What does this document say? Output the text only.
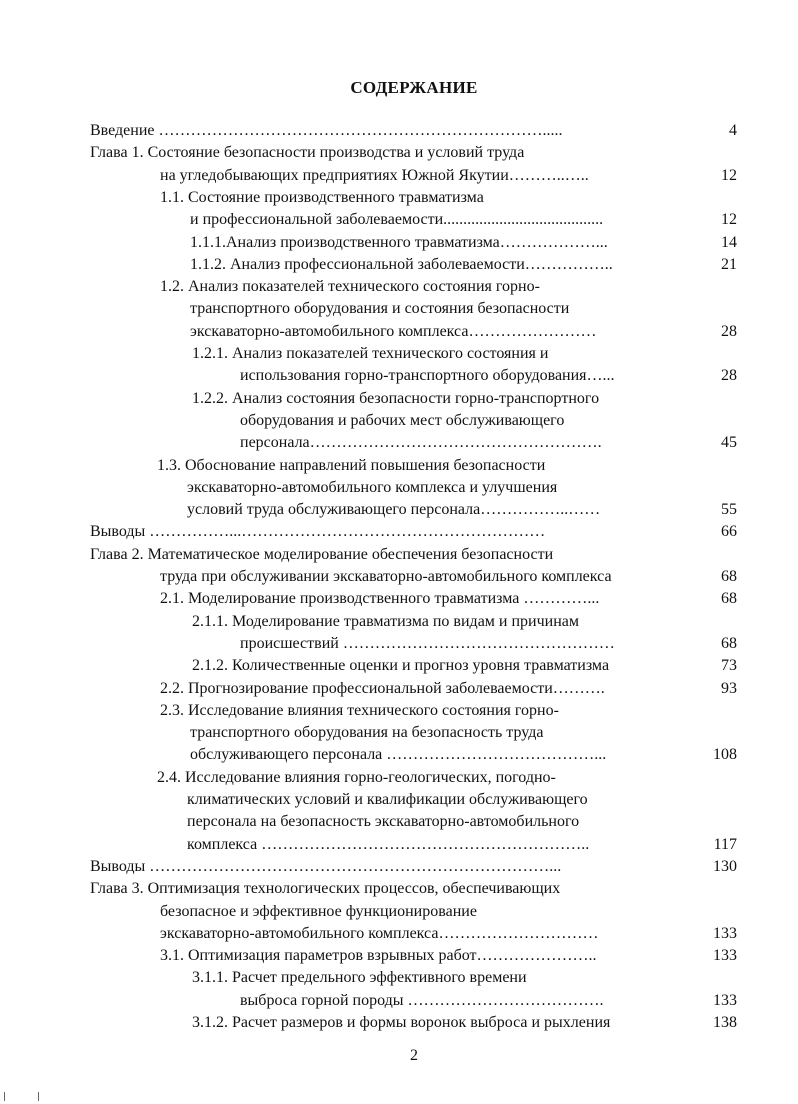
СОДЕРЖАНИЕ
Введение ……………………………………………………………….....	4
Глава 1. Состояние безопасности производства и условий труда
на угледобывающих предприятиях Южной Якутии………..…..	12
1.1. Состояние производственного травматизма
и профессиональной заболеваемости........................................	12
1.1.1.Анализ производственного травматизма………………...	14
1.1.2. Анализ профессиональной заболеваемости……………..	21
1.2. Анализ показателей технического состояния горно-
транспортного оборудования и состояния безопасности
экскаваторно-автомобильного комплекса……………………	28
1.2.1. Анализ показателей технического состояния и
использования горно-транспортного оборудования…...	28
1.2.2. Анализ состояния безопасности горно-транспортного
оборудования и рабочих мест обслуживающего
персонала……………………………………………….	45
1.3. Обоснование направлений повышения безопасности
экскаваторно-автомобильного комплекса и улучшения
условий труда обслуживающего персонала……………..……	55
Выводы ……………...…………………………………………………	66
Глава 2. Математическое моделирование обеспечения безопасности
труда при обслуживании экскаваторно-автомобильного комплекса	68
2.1. Моделирование производственного травматизма …………...	68
2.1.1. Моделирование травматизма по видам и причинам
происшествий ……………………………………………	68
2.1.2. Количественные оценки и прогноз уровня травматизма	73
2.2. Прогнозирование профессиональной заболеваемости……….	93
2.3. Исследование влияния технического состояния горно-
транспортного оборудования на безопасность труда
обслуживающего персонала …………………………………...	108
2.4. Исследование влияния горно-геологических, погодно-
климатических условий и квалификации обслуживающего
персонала на безопасность экскаваторно-автомобильного
комплекса ……………………………………………………..	117
Выводы …………………………………………………………………...	130
Глава 3. Оптимизация технологических процессов, обеспечивающих
безопасное и эффективное функционирование
экскаваторно-автомобильного комплекса…………………………	133
3.1. Оптимизация параметров взрывных работ…………………..	133
3.1.1. Расчет предельного эффективного времени
выброса горной породы ……………………………….	133
3.1.2. Расчет размеров и формы воронок выброса и рыхления	138
2
